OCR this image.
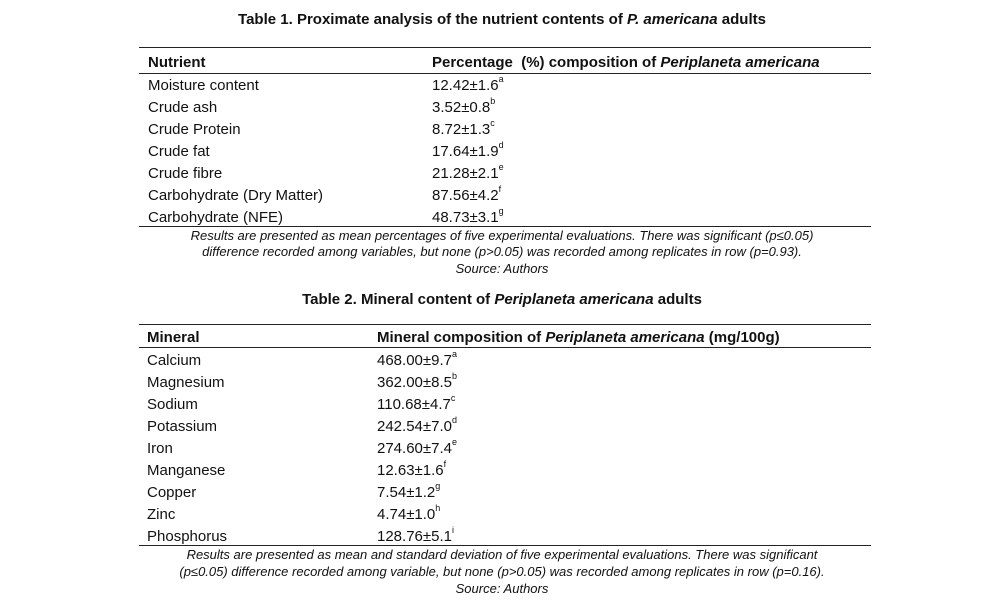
Table 1. Proximate analysis of the nutrient contents of P. americana adults
Nutrient	Percentage  (%) composition of Periplaneta americana
Moisture content	12.42±1.6$^a$
Crude ash	3.52±0.8$^b$
Crude Protein	8.72±1.3$^c$
Crude fat	17.64±1.9$^d$
Crude fibre	21.28±2.1$^e$
Carbohydrate (Dry Matter)	87.56±4.2$^f$
Carbohydrate (NFE)	48.73±3.1$^g$
Results are presented as mean percentages of five experimental evaluations. There was significant (p≤0.05)
difference recorded among variables, but none (p>0.05) was recorded among replicates in row (p=0.93).
Source: Authors
Table 2. Mineral content of Periplaneta americana adults
Mineral	Mineral composition of Periplaneta americana (mg/100g)
Calcium	468.00±9.7$^a$
Magnesium	362.00±8.5$^b$
Sodium	110.68±4.7$^c$
Potassium	242.54±7.0$^d$
Iron	274.60±7.4$^e$
Manganese	12.63±1.6$^f$
Copper	7.54±1.2$^g$
Zinc	4.74±1.0$^h$
Phosphorus	$128.76\pm 5.1^i$
Results are presented as mean and standard deviation of five experimental evaluations. There was significant
(p≤0.05) difference recorded among variable, but none (p>0.05) was recorded among replicates in row (p=0.16).
Source: Authors
